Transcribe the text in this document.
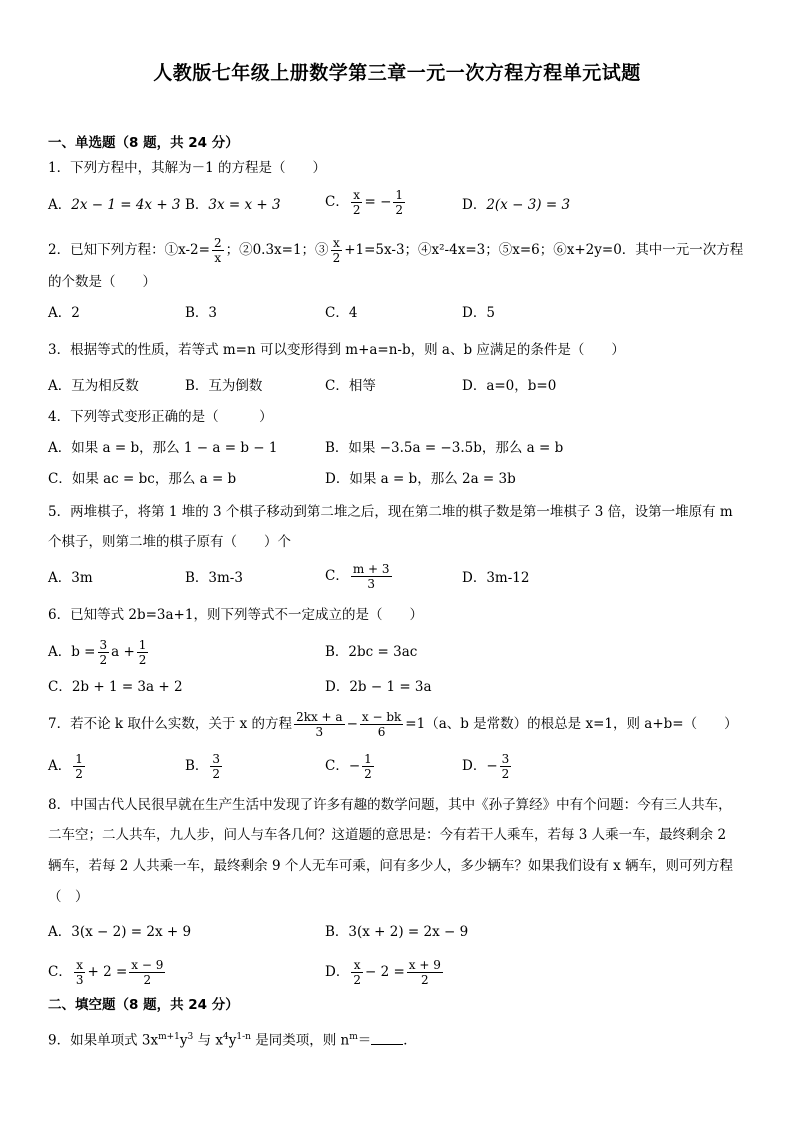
人教版七年级上册数学第三章一元一次方程方程单元试题
一、单选题（8 题，共 24 分）
1．下列方程中，其解为－1 的方程是（　　）
A．2x − 1 = 4x + 3 B．3x = x + 3	C． $\frac{x}{2}$ = − $\frac{1}{2}$	D．2(x − 3) = 3
2．已知下列方程：①x-2= $\frac{2}{x}$ ；②0.3x=1；③ $\frac{x}{2} +1=5x-3$；④x²-4x=3；⑤x=6；⑥x+2y=0．其中一元一次方程
的个数是（　　）
A．2	B．3	C．4	D．5
3．根据等式的性质，若等式 m=n 可以变形得到 m+a=n-b，则 a、b 应满足的条件是（　　）
A．互为相反数	B．互为倒数	C．相等	D．a=0，b=0
4．下列等式变形正确的是（　　　）
A．如果 a = b，那么 1 − a = b − 1	B．如果 −3.5a = −3.5b，那么 a = b
C．如果 ac = bc，那么 a = b	D．如果 a = b，那么 2a = 3b
5．两堆棋子，将第 1 堆的 3 个棋子移动到第二堆之后，现在第二堆的棋子数是第一堆棋子 3 倍，设第一堆原有 m
个棋子，则第二堆的棋子原有（　　）个
A．3m	B．3m-3	C． $\frac{m + 3}{3}$	D．3m-12
6．已知等式 2b=3a+1，则下列等式不一定成立的是（　　）
A．$b = \frac{3}{2}$ $a + \frac{1}{2}$	B．2bc = 3ac
C．2b + 1 = 3a + 2	D．2b − 1 = 3a
7．若不论 k 取什么实数，关于 x 的方程 $\frac{2kx + a}{3} - \frac{x - bk}{6} =1(a$、b 是常数）的根总是 x=1，则 a+b=（　　）
A． $\frac{1}{2}$	B． $\frac{3}{2}$	C．− $\frac{1}{2}$	D．− $\frac{3}{2}$
8．中国古代人民很早就在生产生活中发现了许多有趣的数学问题，其中《孙子算经》中有个问题：今有三人共车，
二车空；二人共车，九人步，问人与车各几何？这道题的意思是：今有若干人乘车，若每 3 人乘一车，最终剩余 2
辆车，若每 2 人共乘一车，最终剩余 9 个人无车可乘，问有多少人，多少辆车？如果我们设有 x 辆车，则可列方程
（　）
A．3(x − 2) = 2x + 9	B．3(x + 2) = 2x − 9
C． $\frac{x}{3} + 2 = \frac{x - 9}{2}$	D． $\frac{x}{2} - 2 = \frac{x + 9}{2}$
二、填空题（8 题，共 24 分）
9．如果单项式 $3x^{m+1}y^3$ 与 $x^4y^{1-n}$ 是同类项，则 $n^m=$ ．
